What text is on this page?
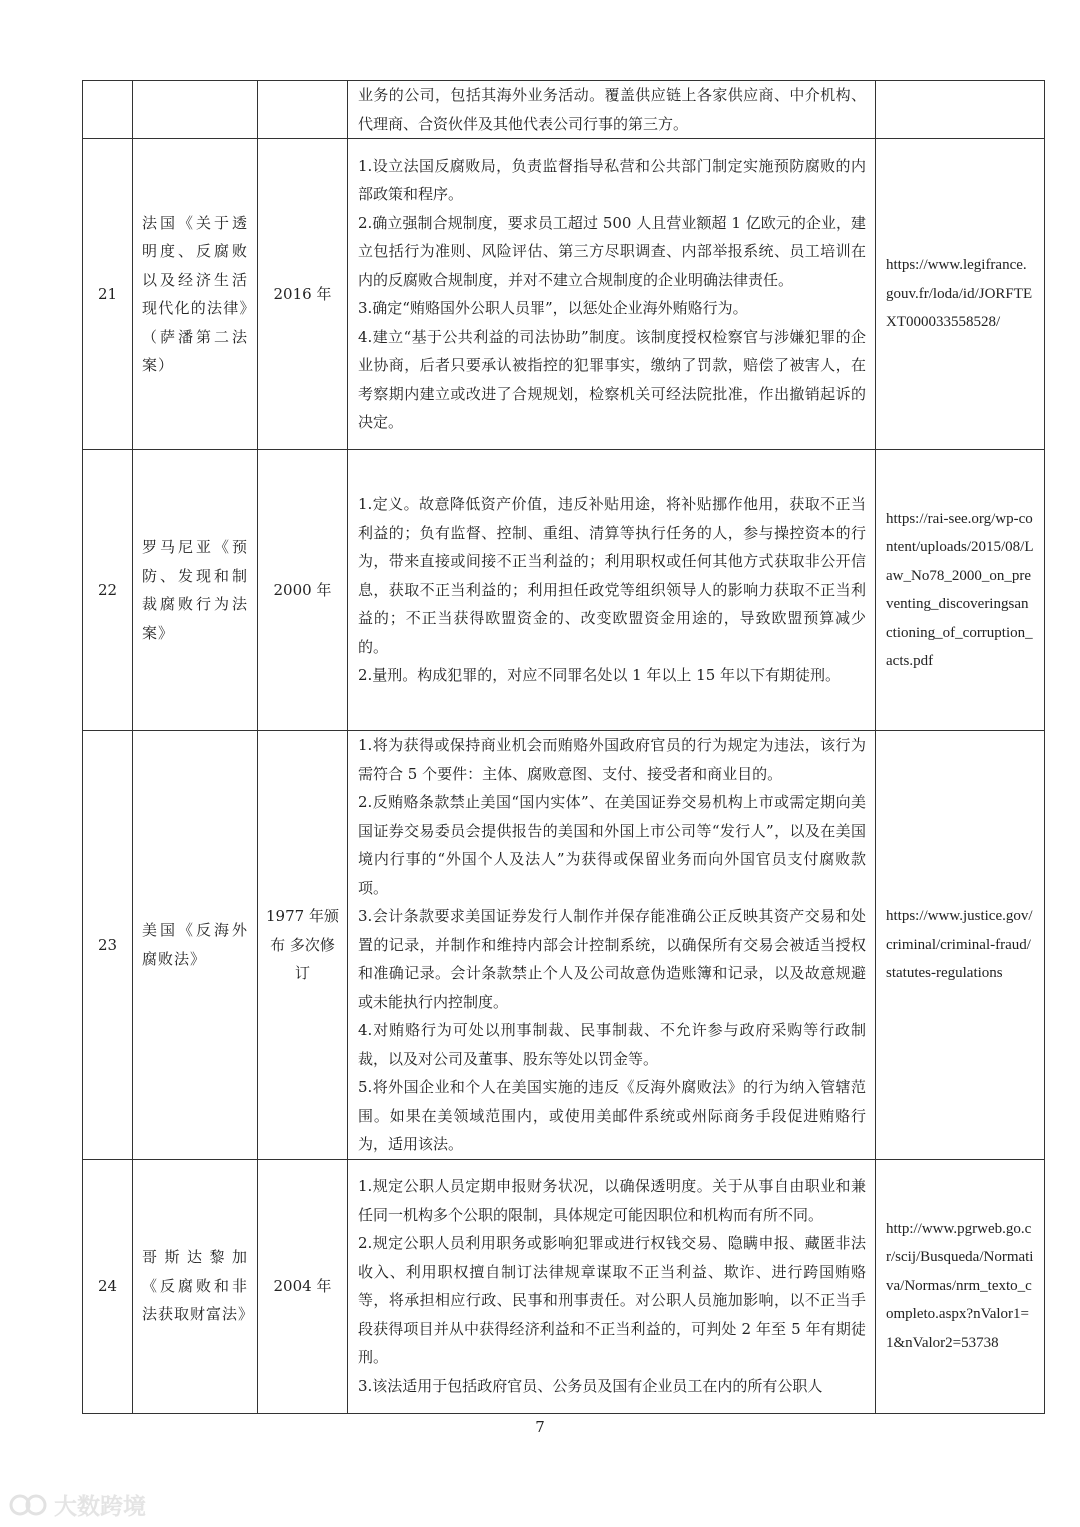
			业务的公司，包括其海外业务活动。覆盖供应链上各家供应商、中介机构、代理商、合资伙伴及其他代表公司行事的第三方。	

21	法国《关于透明度、反腐败以及经济生活现代化的法律》（萨潘第二法案）	2016 年	1.设立法国反腐败局，负责监督指导私营和公共部门制定实施预防腐败的内部政策和程序。

2.确立强制合规制度，要求员工超过 500 人且营业额超 1 亿欧元的企业，建立包括行为准则、风险评估、第三方尽职调查、内部举报系统、员工培训在内的反腐败合规制度，并对不建立合规制度的企业明确法律责任。

3.确定“贿赂国外公职人员罪”，以惩处企业海外贿赂行为。

4.建立“基于公共利益的司法协助”制度。该制度授权检察官与涉嫌犯罪的企业协商，后者只要承认被指控的犯罪事实，缴纳了罚款，赔偿了被害人，在考察期内建立或改进了合规规划，检察机关可经法院批准，作出撤销起诉的决定。	https://www.legifrance.gouv.fr/loda/id/JORFTEXT000033558528/
22	罗马尼亚《预防、发现和制裁腐败行为法案》	2000 年	1.定义。故意降低资产价值，违反补贴用途，将补贴挪作他用，获取不正当利益的；负有监督、控制、重组、清算等执行任务的人，参与操控资本的行为，带来直接或间接不正当利益的；利用职权或任何其他方式获取非公开信息，获取不正当利益的；利用担任政党等组织领导人的影响力获取不正当利益的；不正当获得欧盟资金的、改变欧盟资金用途的，导致欧盟预算减少的。

2.量刑。构成犯罪的，对应不同罪名处以 1 年以上 15 年以下有期徒刑。	https://rai-see.org/wp-content/uploads/2015/08/Law_No78_2000_on_preventing_discoveringsanctioning_of_corruption_acts.pdf
23	美国《反海外腐败法》	1977 年颁布 多次修订	1.将为获得或保持商业机会而贿赂外国政府官员的行为规定为违法，该行为需符合 5 个要件：主体、腐败意图、支付、接受者和商业目的。

2.反贿赂条款禁止美国“国内实体”、在美国证券交易机构上市或需定期向美国证券交易委员会提供报告的美国和外国上市公司等“发行人”，以及在美国境内行事的“外国个人及法人”为获得或保留业务而向外国官员支付腐败款项。

3.会计条款要求美国证券发行人制作并保存能准确公正反映其资产交易和处置的记录，并制作和维持内部会计控制系统，以确保所有交易会被适当授权和准确记录。会计条款禁止个人及公司故意伪造账簿和记录，以及故意规避或未能执行内控制度。

4.对贿赂行为可处以刑事制裁、民事制裁、不允许参与政府采购等行政制裁，以及对公司及董事、股东等处以罚金等。

5.将外国企业和个人在美国实施的违反《反海外腐败法》的行为纳入管辖范围。如果在美领域范围内，或使用美邮件系统或州际商务手段促进贿赂行为，适用该法。	https://www.justice.gov/criminal/criminal-fraud/statutes-regulations
24	哥斯达黎加《反腐败和非法获取财富法》	2004 年	1.规定公职人员定期申报财务状况，以确保透明度。关于从事自由职业和兼任同一机构多个公职的限制，具体规定可能因职位和机构而有所不同。

2.规定公职人员利用职务或影响犯罪或进行权钱交易、隐瞒申报、藏匿非法收入、利用职权擅自制订法律规章谋取不正当利益、欺诈、进行跨国贿赂等，将承担相应行政、民事和刑事责任。对公职人员施加影响，以不正当手段获得项目并从中获得经济利益和不正当利益的，可判处 2 年至 5 年有期徒刑。

3.该法适用于包括政府官员、公务员及国有企业员工在内的所有公职人	http://www.pgrweb.go.cr/scij/Busqueda/Normativa/Normas/nrm_texto_completo.aspx?nValor1=1&nValor2=53738
7
大数跨境
